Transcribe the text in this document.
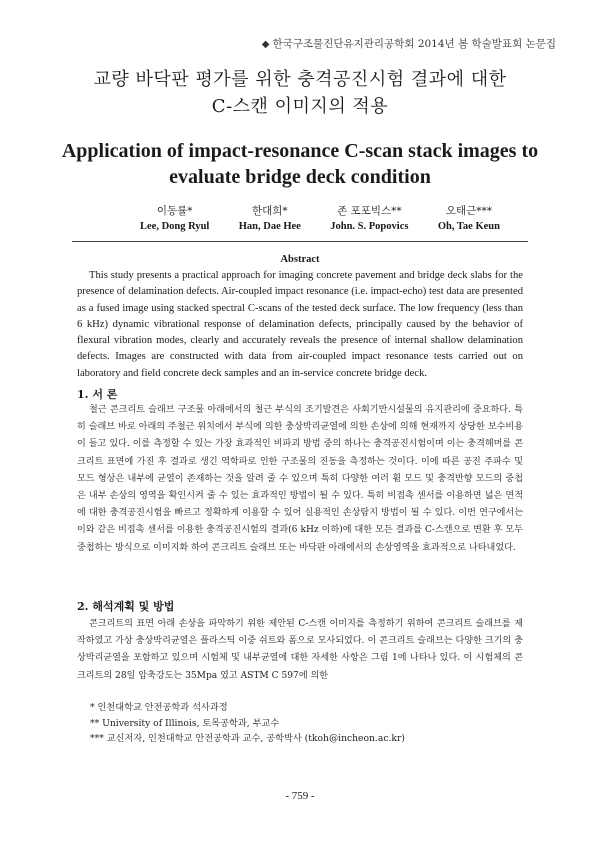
◆ 한국구조물진단유지관리공학회 2014년 봄 학술발표회 논문집
교량 바닥판 평가를 위한 충격공진시험 결과에 대한
C-스캔 이미지의 적용
Application of impact-resonance C-scan stack images to
evaluate bridge deck condition
이동률*
Lee, Dong Ryul
한대희*
Han, Dae Hee
존 포포빅스**
John. S. Popovics
오태근***
Oh, Tae Keun
Abstract

This study presents a practical approach for imaging concrete pavement and bridge deck slabs for the presence of delamination defects. Air-coupled impact resonance (i.e. impact-echo) test data are presented as a fused image using stacked spectral C-scans of the tested deck surface. The low frequency (less than 6 kHz) dynamic vibrational response of delamination defects, principally caused by the behavior of flexural vibration modes, clearly and accurately reveals the presence of internal shallow delamination defects. Images are constructed with data from air-coupled impact resonance tests carried out on laboratory and field concrete deck samples and an in-service concrete bridge deck.

1. 서 론

철근 콘크리트 슬래브 구조물 아래에서의 철근 부식의 조기발견은 사회기반시설물의 유지관리에 중요하다. 특히 슬래브 바로 아래의 주철근 위치에서 부식에 의한 충상박리균열에 의한 손상에 의해 현재까지 상당한 보수비용이 들고 있다. 이를 측정할 수 있는 가장 효과적인 비파괴 방법 중의 하나는 충격공진시험이며 이는 충격해머를 콘크리트 표면에 가진 후 결과로 생긴 역학파로 인한 구조물의 진동을 측정하는 것이다. 이에 따른 공진 주파수 및 모드 형상은 내부에 균열이 존재하는 것을 알려 줄 수 있으며 특히 다양한 여러 휨 모드 및 충격반향 모드의 중첩은 내부 손상의 영역을 확인시켜 줄 수 있는 효과적인 방법이 될 수 있다. 특히 비접촉 센서를 이용하면 넓은 면적에 대한 충격공진시험을 빠르고 정확하게 이용할 수 있어 실용적인 손상탐지 방법이 될 수 있다. 이번 연구에서는 이와 같은 비접촉 센서를 이용한 충격공진시험의 결과(6 kHz 이하)에 대한 모든 결과를 C-스캔으로 변환 후 모두 중첩하는 방식으로 이미지화 하여 콘크리트 슬래브 또는 바닥판 아래에서의 손상영역을 효과적으로 나타내었다.

2. 해석계획 및 방법

콘크리트의 표면 아래 손상을 파악하기 위한 제안된 C-스캔 이미지를 측정하기 위하여 콘크리트 슬래브를 제작하였고 가상 충상박리균열은 플라스틱 이중 쉬트와 폼으로 모사되었다. 이 콘크리트 슬래브는 다양한 크기의 충상박리균열을 포함하고 있으며 시험체 및 내부균열에 대한 자세한 사항은 그림 1에 나타나 있다. 이 시험체의 콘크리트의 28일 압축강도는 35Mpa 였고 ASTM C 597에 의한

* 인천대학교 안전공학과 석사과정
** University of Illinois, 토목공학과, 부교수
*** 교신저자, 인천대학교 안전공학과 교수, 공학박사 (tkoh@incheon.ac.kr)
- 759 -
